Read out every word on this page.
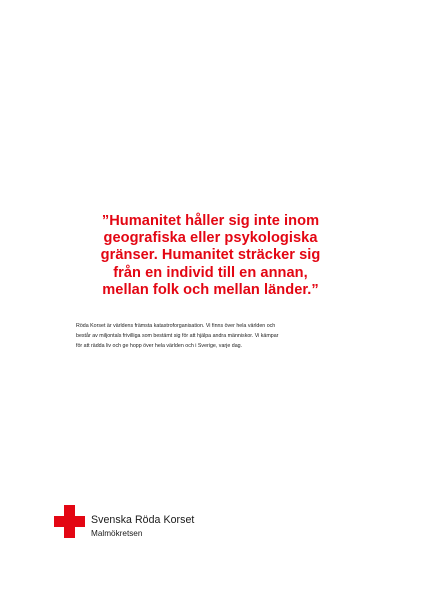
”Humanitet håller sig inte inom
geografiska eller psykologiska
gränser. Humanitet sträcker sig
från en individ till en annan,
mellan folk och mellan länder.”
Röda Korset är världens främsta katastroforganisation. Vi finns över hela världen och
består av miljontals frivilliga som bestämt sig för att hjälpa andra människor. Vi kämpar
för att rädda liv och ge hopp över hela världen och i Sverige, varje dag.
Svenska Röda Korset
Malmökretsen
